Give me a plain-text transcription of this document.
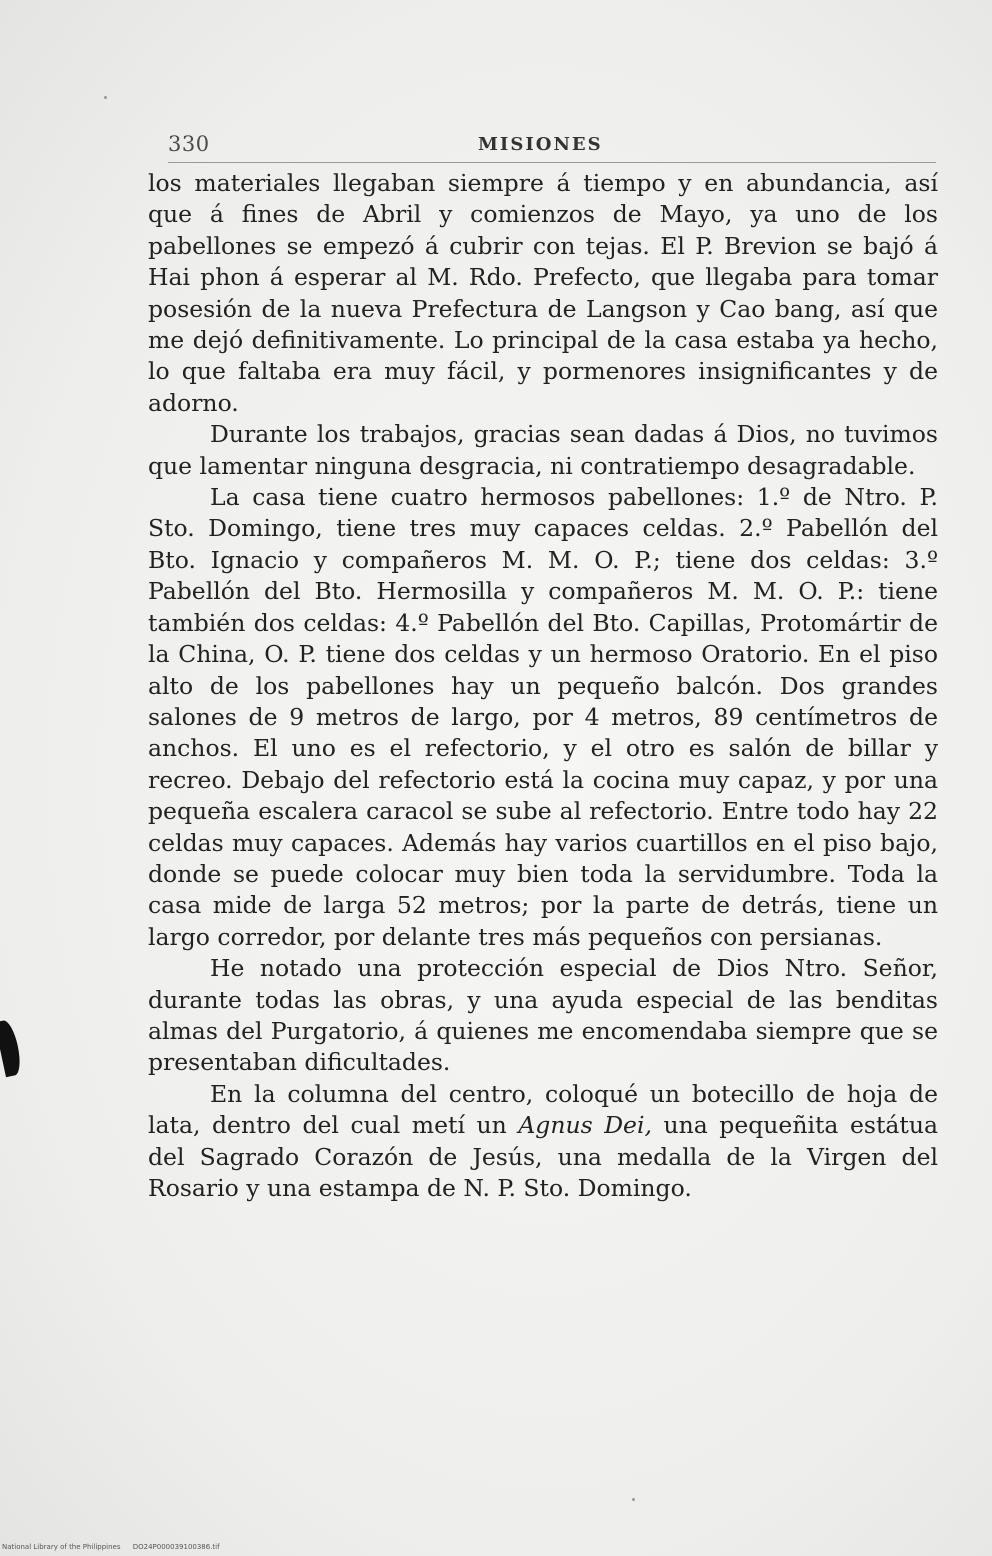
330	MISIONES

los materiales llegaban siempre á tiempo y en abundancia, así que á fines de Abril y comienzos de Mayo, ya uno de los pabellones se empezó á cubrir con tejas. El P. Brevion se bajó á Hai phon á esperar al M. Rdo. Prefecto, que llegaba para tomar posesión de la nueva Prefectura de Langson y Cao bang, así que me dejó definitivamente. Lo principal de la casa estaba ya hecho, lo que faltaba era muy fácil, y pormenores insignificantes y de adorno.

Durante los trabajos, gracias sean dadas á Dios, no tuvimos que lamentar ninguna desgracia, ni contratiempo desagradable.

La casa tiene cuatro hermosos pabellones: 1.º de Ntro. P. Sto. Domingo, tiene tres muy capaces celdas. 2.º Pabellón del Bto. Ignacio y compañeros M. M. O. P.; tiene dos celdas: 3.º Pabellón del Bto. Hermosilla y compañeros M. M. O. P.: tiene también dos celdas: 4.º Pabellón del Bto. Capillas, Protomártir de la China, O. P. tiene dos celdas y un hermoso Oratorio. En el piso alto de los pabellones hay un pequeño balcón. Dos grandes salones de 9 metros de largo, por 4 metros, 89 centímetros de anchos. El uno es el refectorio, y el otro es salón de billar y recreo. Debajo del refectorio está la cocina muy capaz, y por una pequeña escalera caracol se sube al refectorio. Entre todo hay 22 celdas muy capaces. Además hay varios cuartillos en el piso bajo, donde se puede colocar muy bien toda la servidumbre. Toda la casa mide de larga 52 metros; por la parte de detrás, tiene un largo corredor, por delante tres más pequeños con persianas.

He notado una protección especial de Dios Ntro. Señor, durante todas las obras, y una ayuda especial de las benditas almas del Purgatorio, á quienes me encomendaba siempre que se presentaban dificultades.

En la columna del centro, coloqué un botecillo de hoja de lata, dentro del cual metí un Agnus Dei, una pequeñita estátua del Sagrado Corazón de Jesús, una medalla de la Virgen del Rosario y una estampa de N. P. Sto. Domingo.

National Library of the Philippines DO24P000039100386.tif
